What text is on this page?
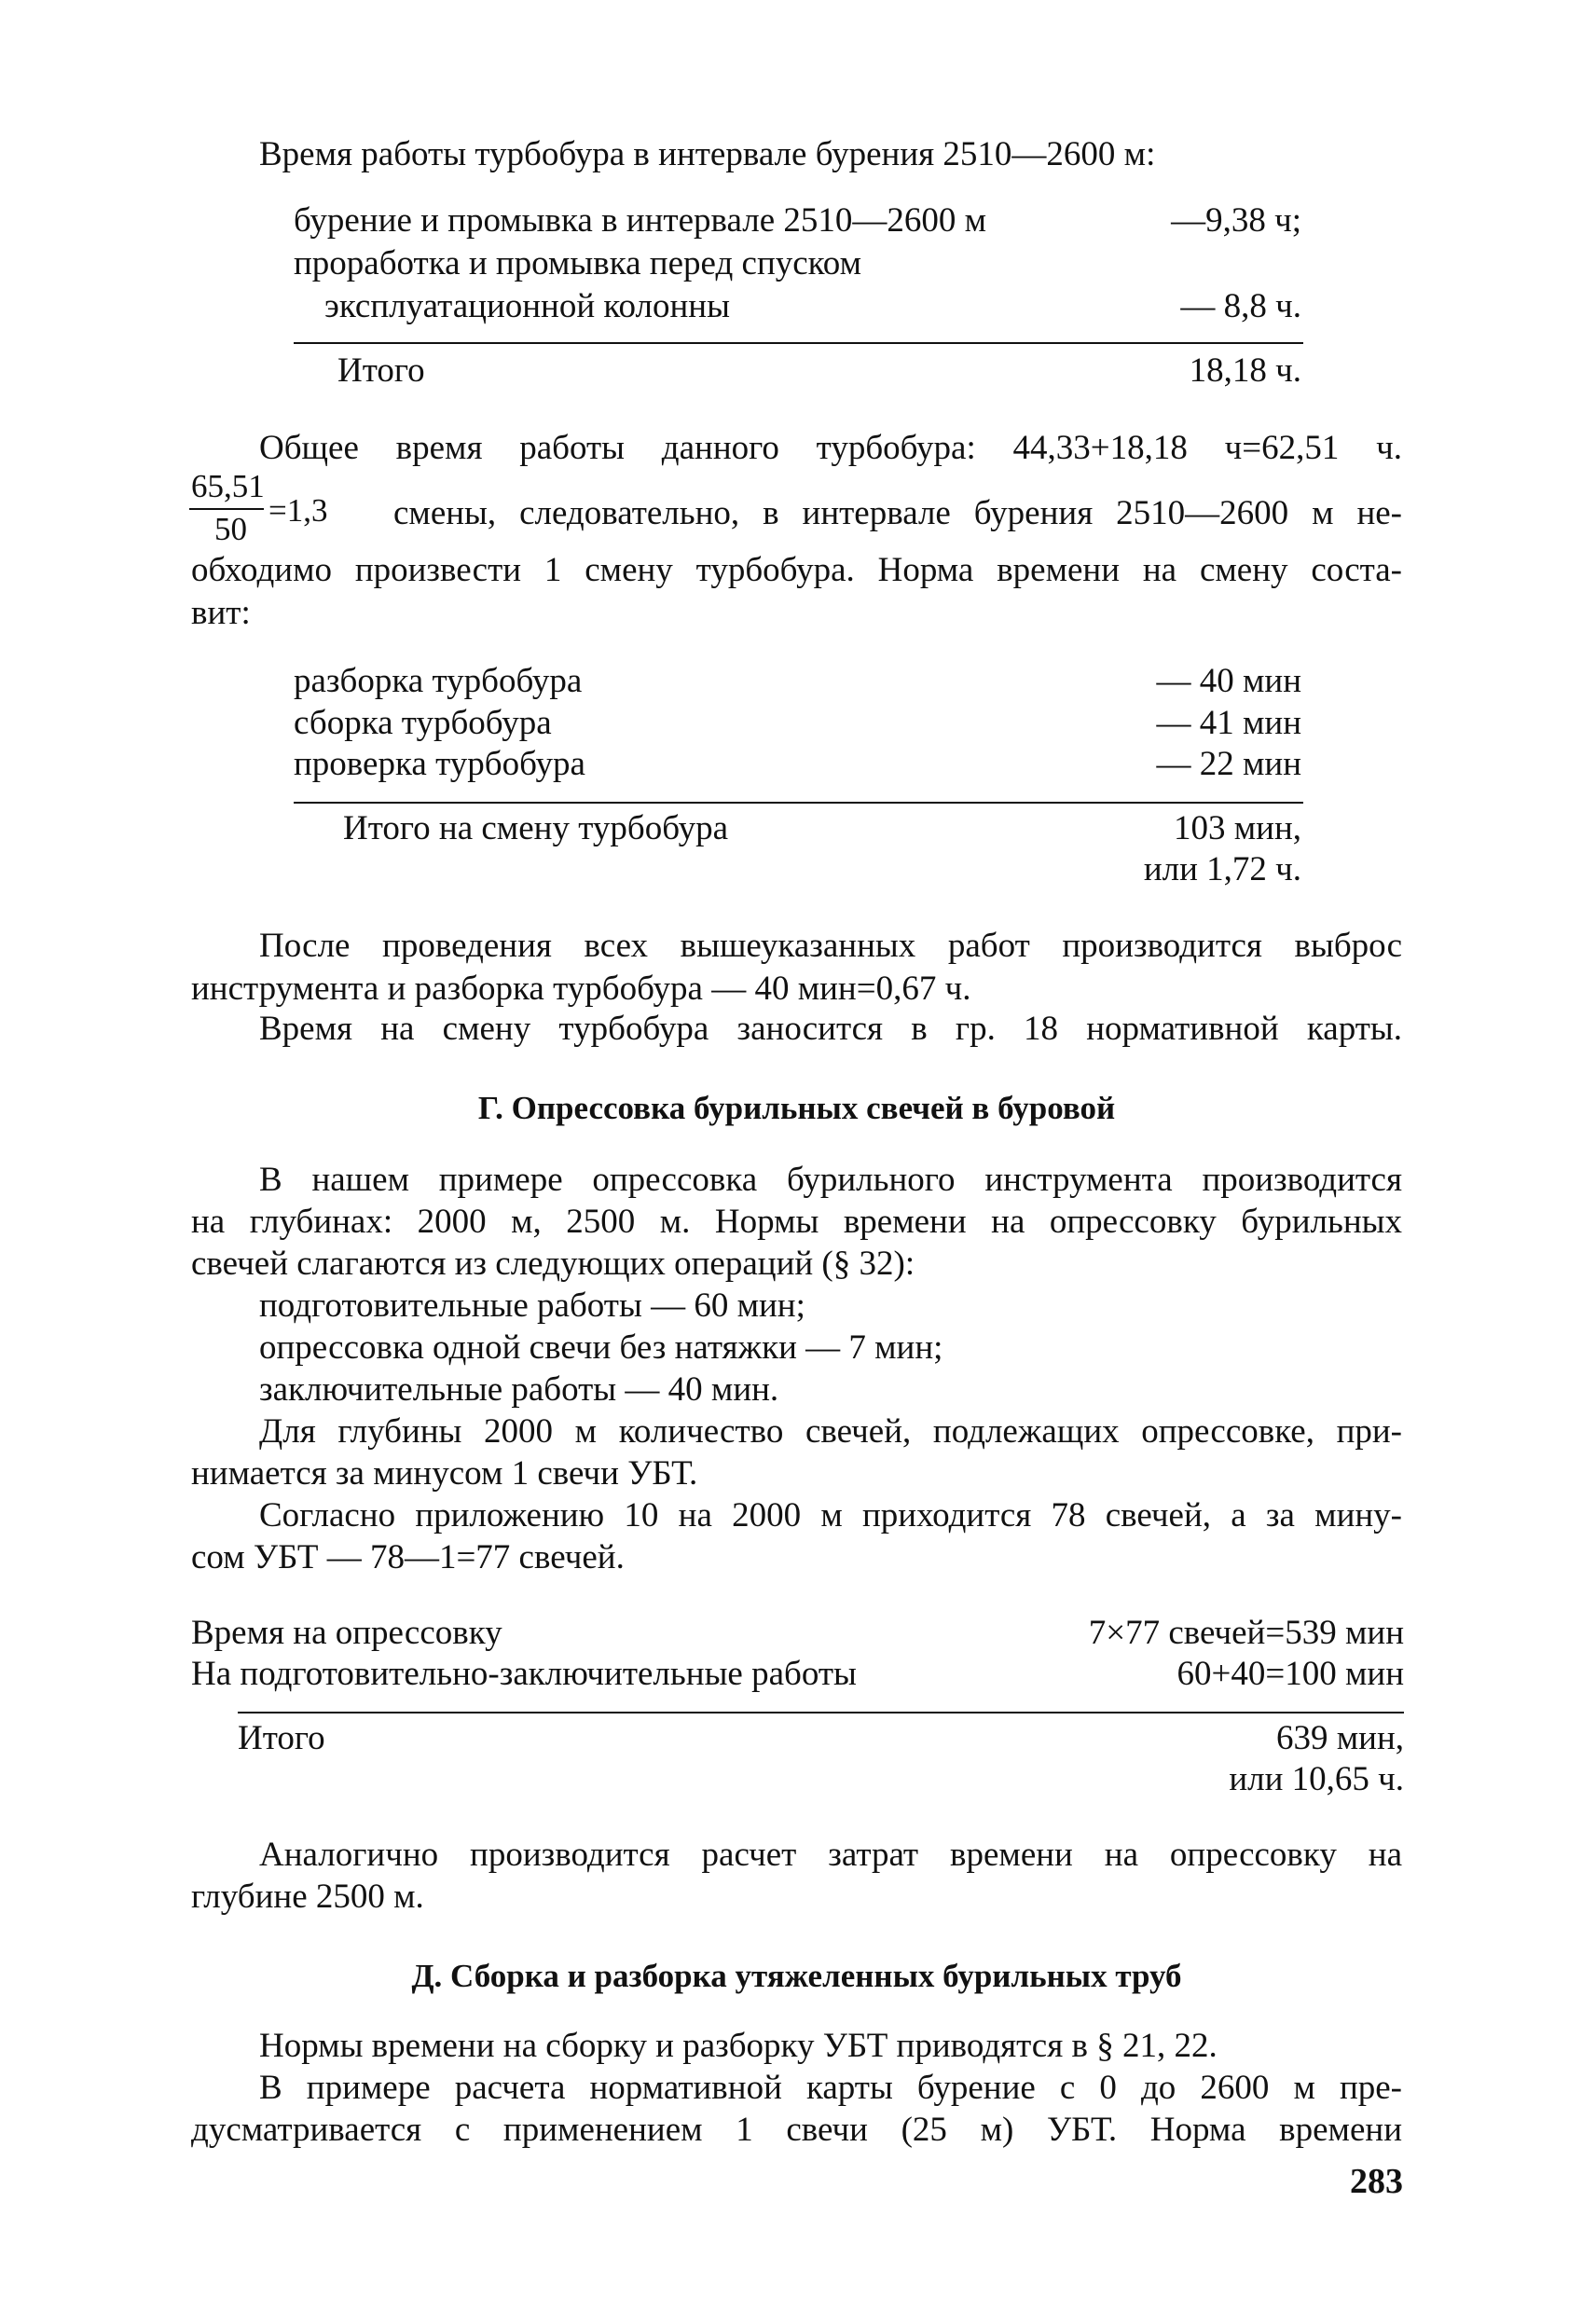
Время работы турбобура в интервале бурения 2510—2600 м:
бурение и промывка в интервале 2510—2600 м	—9,38 ч;
проработка и промывка перед спуском
эксплуатационной колонны	— 8,8 ч.
Итого	18,18 ч.
Общее время работы данного турбобура: 44,33+18,18 ч=62,51 ч.
65,51
50
=1,3 смены, следовательно, в интервале бурения 2510—2600 м не-
обходимо произвести 1 смену турбобура. Норма времени на смену соста-
вит:
разборка турбобура	— 40 мин
сборка турбобура	— 41 мин
проверка турбобура	— 22 мин
Итого на смену турбобура	103 мин,
или 1,72 ч.
После проведения всех вышеуказанных работ производится выброс
инструмента и разборка турбобура — 40 мин=0,67 ч.
Время на смену турбобура заносится в гр. 18 нормативной карты.
Г. Опрессовка бурильных свечей в буровой
В нашем примере опрессовка бурильного инструмента производится
на глубинах: 2000 м, 2500 м. Нормы времени на опрессовку бурильных
свечей слагаются из следующих операций (§ 32):
подготовительные работы — 60 мин;
опрессовка одной свечи без натяжки — 7 мин;
заключительные работы — 40 мин.
Для глубины 2000 м количество свечей, подлежащих опрессовке, при-
нимается за минусом 1 свечи УБТ.
Согласно приложению 10 на 2000 м приходится 78 свечей, а за мину-
сом УБТ — 78—1=77 свечей.
Время на опрессовку	7×77 свечей=539 мин
На подготовительно-заключительные работы	60+40=100 мин
Итого	639 мин,
или 10,65 ч.
Аналогично производится расчет затрат времени на опрессовку на
глубине 2500 м.
Д. Сборка и разборка утяжеленных бурильных труб
Нормы времени на сборку и разборку УБТ приводятся в § 21, 22.
В примере расчета нормативной карты бурение с 0 до 2600 м пре-
дусматривается с применением 1 свечи (25 м) УБТ. Норма времени
283
